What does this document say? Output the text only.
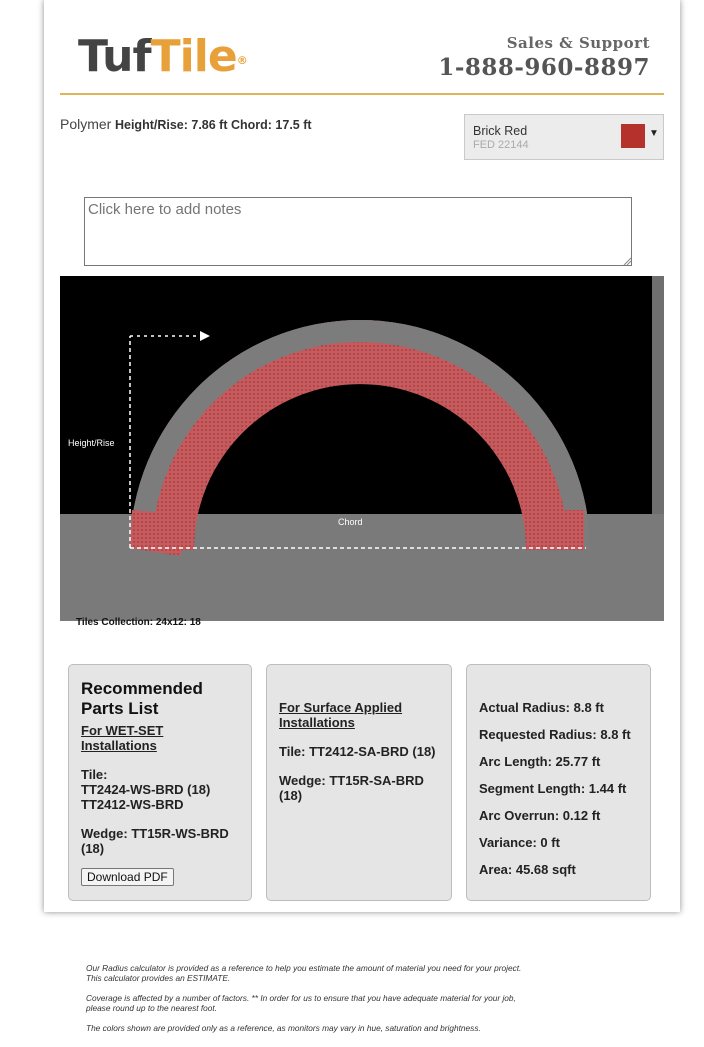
TufTile®
Sales & Support
1-888-960-8897
Polymer Height/Rise: 7.86 ft Chord: 17.5 ft	Brick Red
FED 22144
▼
Click here to add notes
Height/Rise
Chord
Tiles Collection: 24x12: 18
Recommended Parts List
For WET-SET Installations
Tile:
TT2424-WS-BRD (18)
TT2412-WS-BRD
Wedge: TT15R-WS-BRD (18)
Download PDF
For Surface Applied Installations
Tile: TT2412-SA-BRD (18)
Wedge: TT15R-SA-BRD (18)
Actual Radius: 8.8 ft
Requested Radius: 8.8 ft
Arc Length: 25.77 ft
Segment Length: 1.44 ft
Arc Overrun: 0.12 ft
Variance: 0 ft
Area: 45.68 sqft
Our Radius calculator is provided as a reference to help you estimate the amount of material you need for your project.
This calculator provides an ESTIMATE.
Coverage is affected by a number of factors. ** In order for us to ensure that you have adequate material for your job,
please round up to the nearest foot.
The colors shown are provided only as a reference, as monitors may vary in hue, saturation and brightness.
